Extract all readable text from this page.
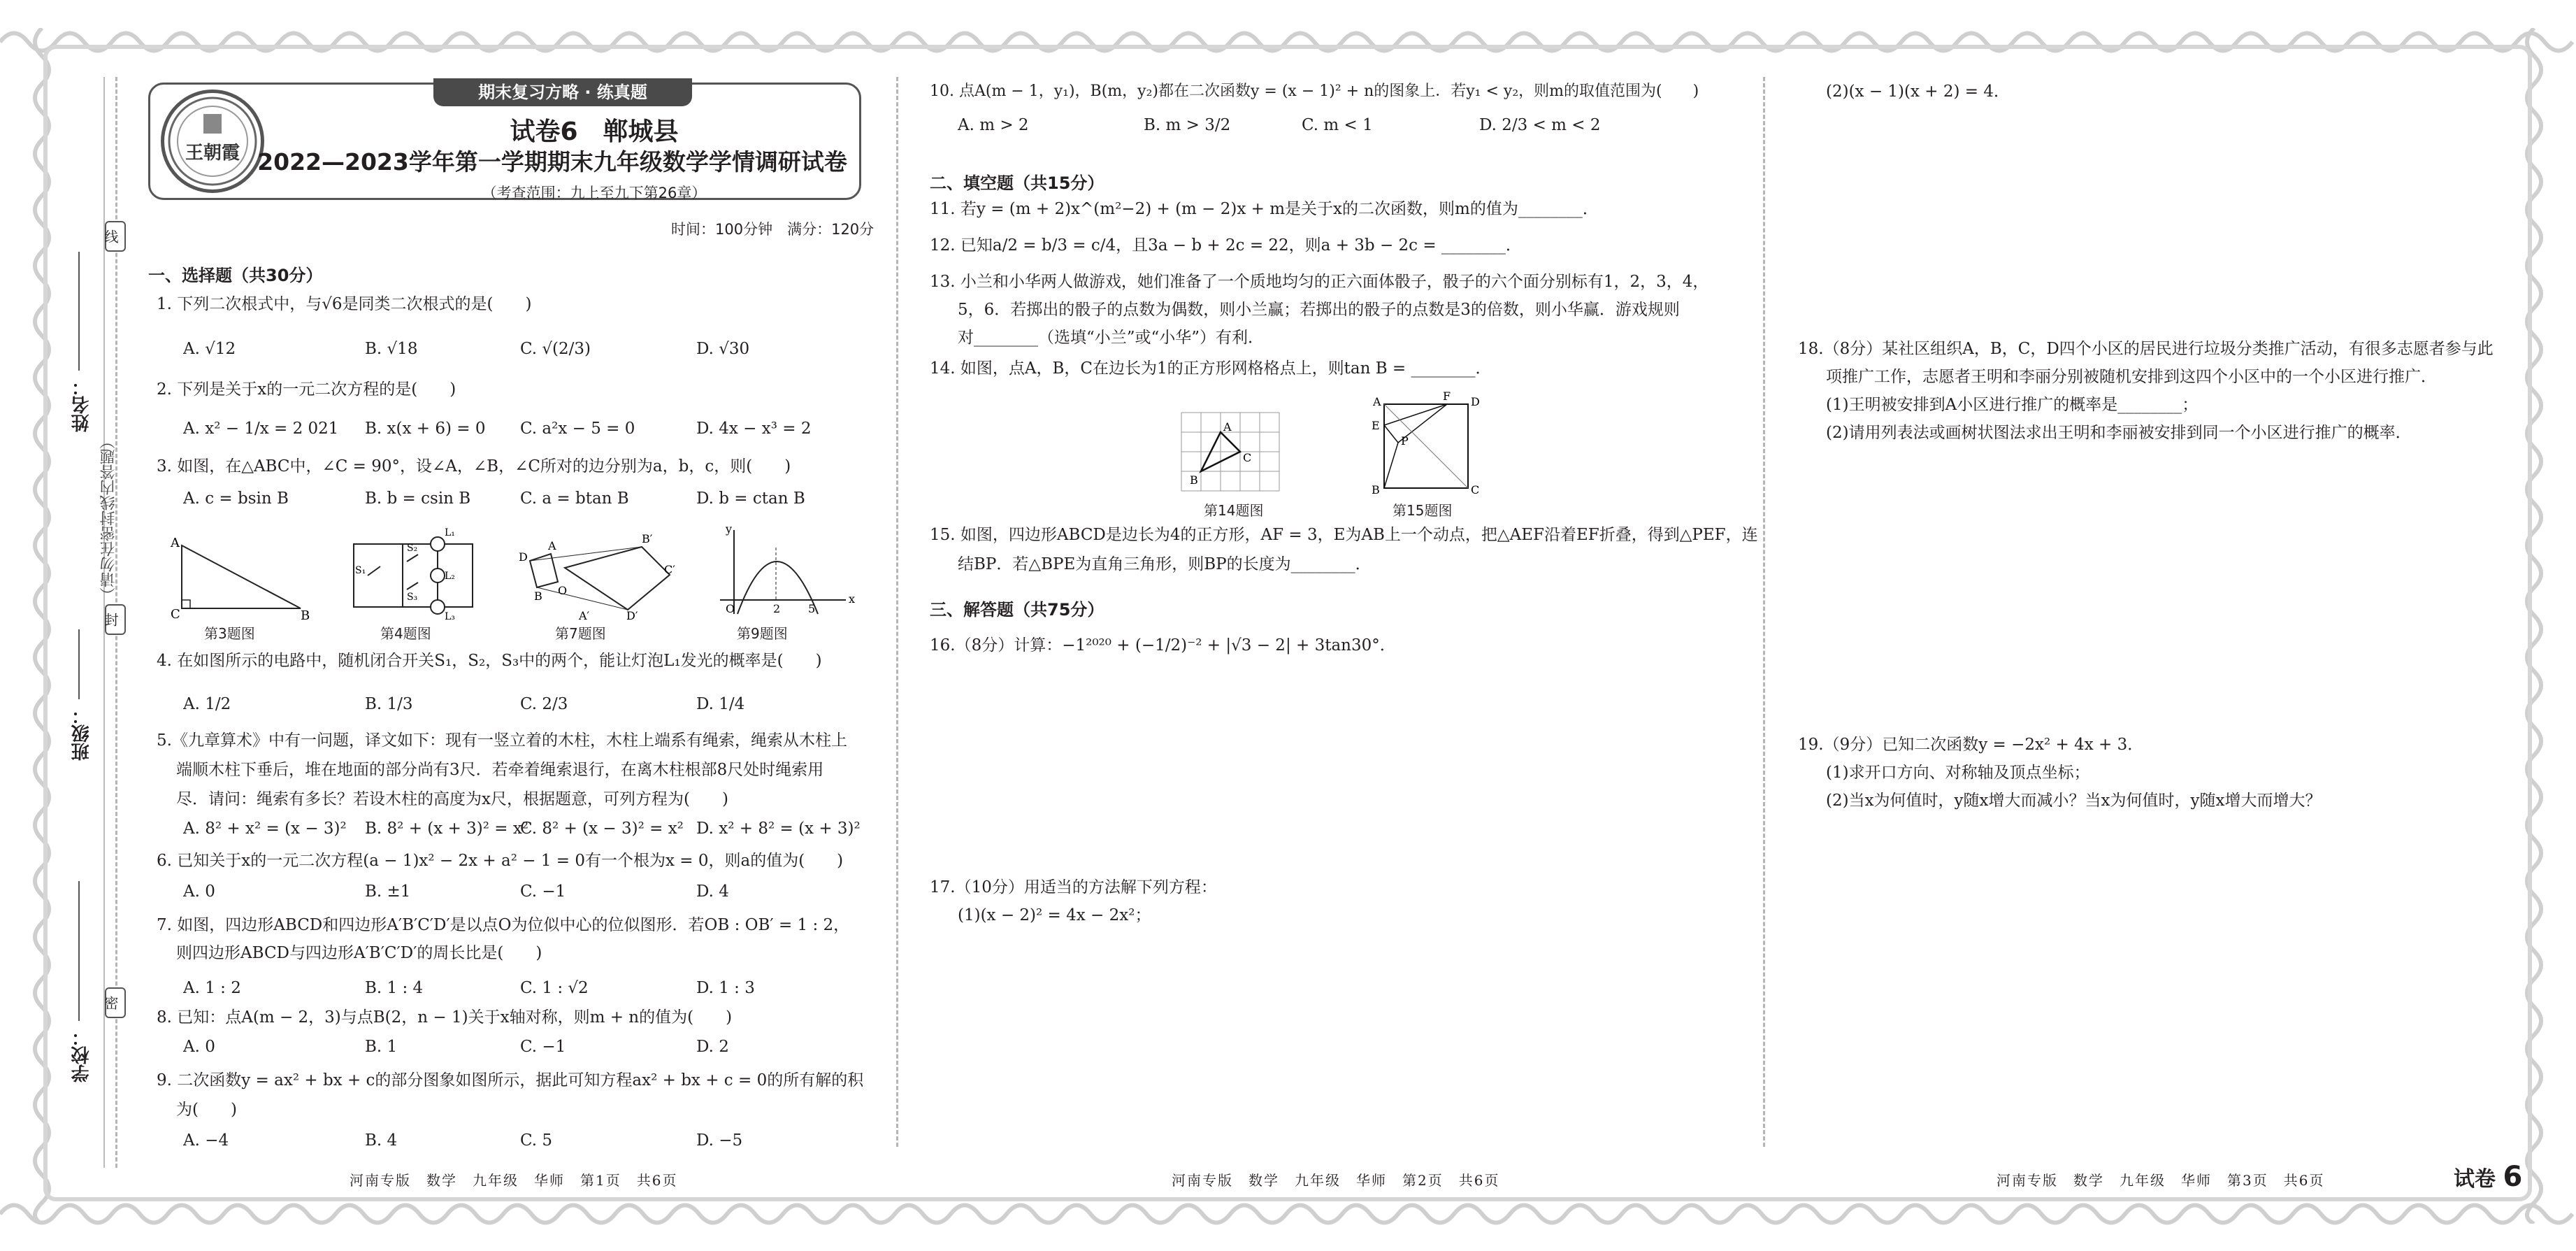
线
封
密
姓名：
班级：
学校：
（请勿在密封线内答题）
期末复习方略 · 练真题
王朝霞
试卷6　郸城县
2022—2023学年第一学期期末九年级数学学情调研试卷
（考查范围：九上至九下第26章）
时间：100分钟　满分：120分
一、选择题（共30分）
1. 下列二次根式中，与√6是同类二次根式的是(　　)
A. √12	B. √18	C. √(2/3)	D. √30
2. 下列是关于x的一元二次方程的是(　　)
A. x² − 1/x = 2 021 B. x(x + 6) = 0 C. a²x − 5 = 0	D. 4x − x³ = 2
3. 如图，在△ABC中，∠C = 90°，设∠A，∠B，∠C所对的边分别为a，b，c，则(　　)
A. c = bsin B	B. b = csin B	C. a = btan B	D. b = ctan B
A
C	B
L₁
L₂
L₃
S₁
S₂
S₃
D
A
B O
B′
C′
D′
A′
O	2 5
x
y
第3题图	第4题图	第7题图	第9题图
4. 在如图所示的电路中，随机闭合开关S₁，S₂，S₃中的两个，能让灯泡L₁发光的概率是(　　)
A. 1/2	B. 1/3	C. 2/3	D. 1/4
5.《九章算术》中有一问题，译文如下：现有一竖立着的木柱，木柱上端系有绳索，绳索从木柱上
端顺木柱下垂后，堆在地面的部分尚有3尺．若牵着绳索退行，在离木柱根部8尺处时绳索用
尽．请问：绳索有多长？若设木柱的高度为x尺，根据题意，可列方程为(　　)
A. 8² + x² = (x − 3)² B. 8² + (x + 3)² = x²
C. 8² + (x − 3)² = x² D. x² + 8² = (x + 3)²
6. 已知关于x的一元二次方程(a − 1)x² − 2x + a² − 1 = 0有一个根为x = 0，则a的值为(　　)
A. 0	B. ±1	C. −1	D. 4
7. 如图，四边形ABCD和四边形A′B′C′D′是以点O为位似中心的位似图形．若OB : OB′ = 1 : 2，
则四边形ABCD与四边形A′B′C′D′的周长比是(　　)
A. 1 : 2	B. 1 : 4	C. 1 : √2	D. 1 : 3
8. 已知：点A(m − 2，3)与点B(2，n − 1)关于x轴对称，则m + n的值为(　　)
A. 0	B. 1	C. −1	D. 2
9. 二次函数y = ax² + bx + c的部分图象如图所示，据此可知方程ax² + bx + c = 0的所有解的积
为(　　)
A. −4	B. 4	C. 5	D. −5
10. 点A(m − 1，y₁)，B(m，y₂)都在二次函数y = (x − 1)² + n的图象上．若y₁ < y₂，则m的取值范围为(　　)
A. m > 2	B. m > 3/2	C. m < 1	D. 2/3 < m < 2
二、填空题（共15分）
11. 若y = (m + 2)x^(m²−2) + (m − 2)x + m是关于x的二次函数，则m的值为________．
12. 已知a/2 = b/3 = c/4，且3a − b + 2c = 22，则a + 3b − 2c = ________．
13. 小兰和小华两人做游戏，她们准备了一个质地均匀的正六面体骰子，骰子的六个面分别标有1，2，3，4，
5，6．若掷出的骰子的点数为偶数，则小兰赢；若掷出的骰子的点数是3的倍数，则小华赢．游戏规则
对________（选填“小兰”或“小华”）有利．
14. 如图，点A，B，C在边长为1的正方形网格格点上，则tan B = ________．
A
B
C
A	F D
E
P
B	C
第14题图	第15题图
15. 如图，四边形ABCD是边长为4的正方形，AF = 3，E为AB上一个动点，把△AEF沿着EF折叠，得到△PEF，连
结BP．若△BPE为直角三角形，则BP的长度为________．
三、解答题（共75分）
16.（8分）计算：−1²⁰²⁰ + (−1/2)⁻² + |√3 − 2| + 3tan30°．
17.（10分）用适当的方法解下列方程：
(1)(x − 2)² = 4x − 2x²；
(2)(x − 1)(x + 2) = 4．
18.（8分）某社区组织A，B，C，D四个小区的居民进行垃圾分类推广活动，有很多志愿者参与此
项推广工作，志愿者王明和李丽分别被随机安排到这四个小区中的一个小区进行推广．
(1)王明被安排到A小区进行推广的概率是________；
(2)请用列表法或画树状图法求出王明和李丽被安排到同一个小区进行推广的概率．
19.（9分）已知二次函数y = −2x² + 4x + 3．
(1)求开口方向、对称轴及顶点坐标；
(2)当x为何值时，y随x增大而减小？当x为何值时，y随x增大而增大？
河南专版　数学　九年级　华师　第1页　共6页	河南专版　数学　九年级　华师　第2页　共6页	河南专版　数学　九年级　华师　第3页　共6页	试卷 6
